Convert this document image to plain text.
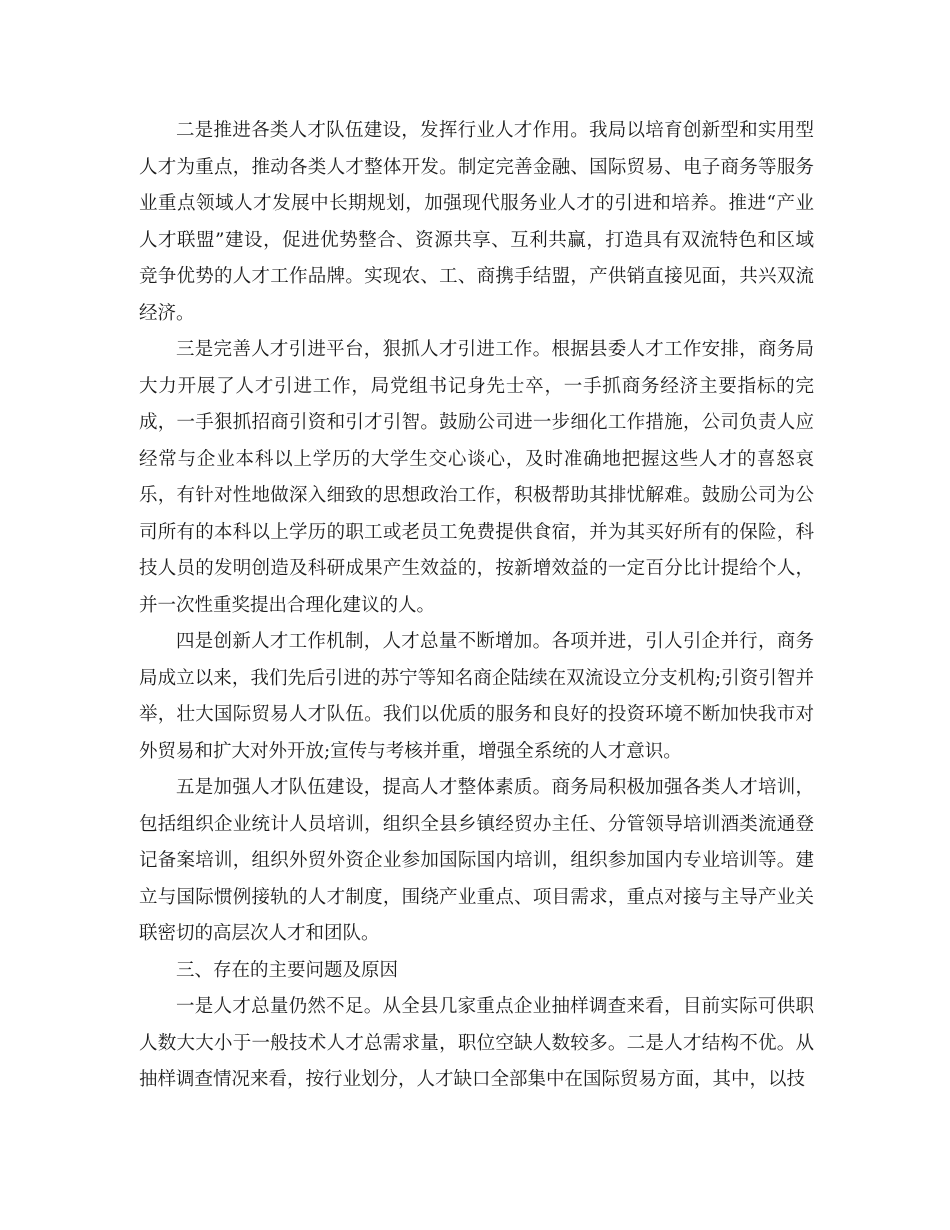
二是推进各类人才队伍建设，发挥行业人才作用。我局以培育创新型和实用型人才为重点，推动各类人才整体开发。制定完善金融、国际贸易、电子商务等服务业重点领域人才发展中长期规划，加强现代服务业人才的引进和培养。推进“产业人才联盟”建设，促进优势整合、资源共享、互利共赢，打造具有双流特色和区域竞争优势的人才工作品牌。实现农、工、商携手结盟，产供销直接见面，共兴双流经济。

三是完善人才引进平台，狠抓人才引进工作。根据县委人才工作安排，商务局大力开展了人才引进工作，局党组书记身先士卒，一手抓商务经济主要指标的完成，一手狠抓招商引资和引才引智。鼓励公司进一步细化工作措施，公司负责人应经常与企业本科以上学历的大学生交心谈心，及时准确地把握这些人才的喜怒哀乐，有针对性地做深入细致的思想政治工作，积极帮助其排忧解难。鼓励公司为公司所有的本科以上学历的职工或老员工免费提供食宿，并为其买好所有的保险，科技人员的发明创造及科研成果产生效益的，按新增效益的一定百分比计提给个人，并一次性重奖提出合理化建议的人。

四是创新人才工作机制，人才总量不断增加。各项并进，引人引企并行，商务局成立以来，我们先后引进的苏宁等知名商企陆续在双流设立分支机构;引资引智并举，壮大国际贸易人才队伍。我们以优质的服务和良好的投资环境不断加快我市对外贸易和扩大对外开放;宣传与考核并重，增强全系统的人才意识。

五是加强人才队伍建设，提高人才整体素质。商务局积极加强各类人才培训，包括组织企业统计人员培训，组织全县乡镇经贸办主任、分管领导培训酒类流通登记备案培训，组织外贸外资企业参加国际国内培训，组织参加国内专业培训等。建立与国际惯例接轨的人才制度，围绕产业重点、项目需求，重点对接与主导产业关联密切的高层次人才和团队。

三、存在的主要问题及原因

一是人才总量仍然不足。从全县几家重点企业抽样调查来看，目前实际可供职人数大大小于一般技术人才总需求量，职位空缺人数较多。二是人才结构不优。从抽样调查情况来看，按行业划分，人才缺口全部集中在国际贸易方面，其中，以技
